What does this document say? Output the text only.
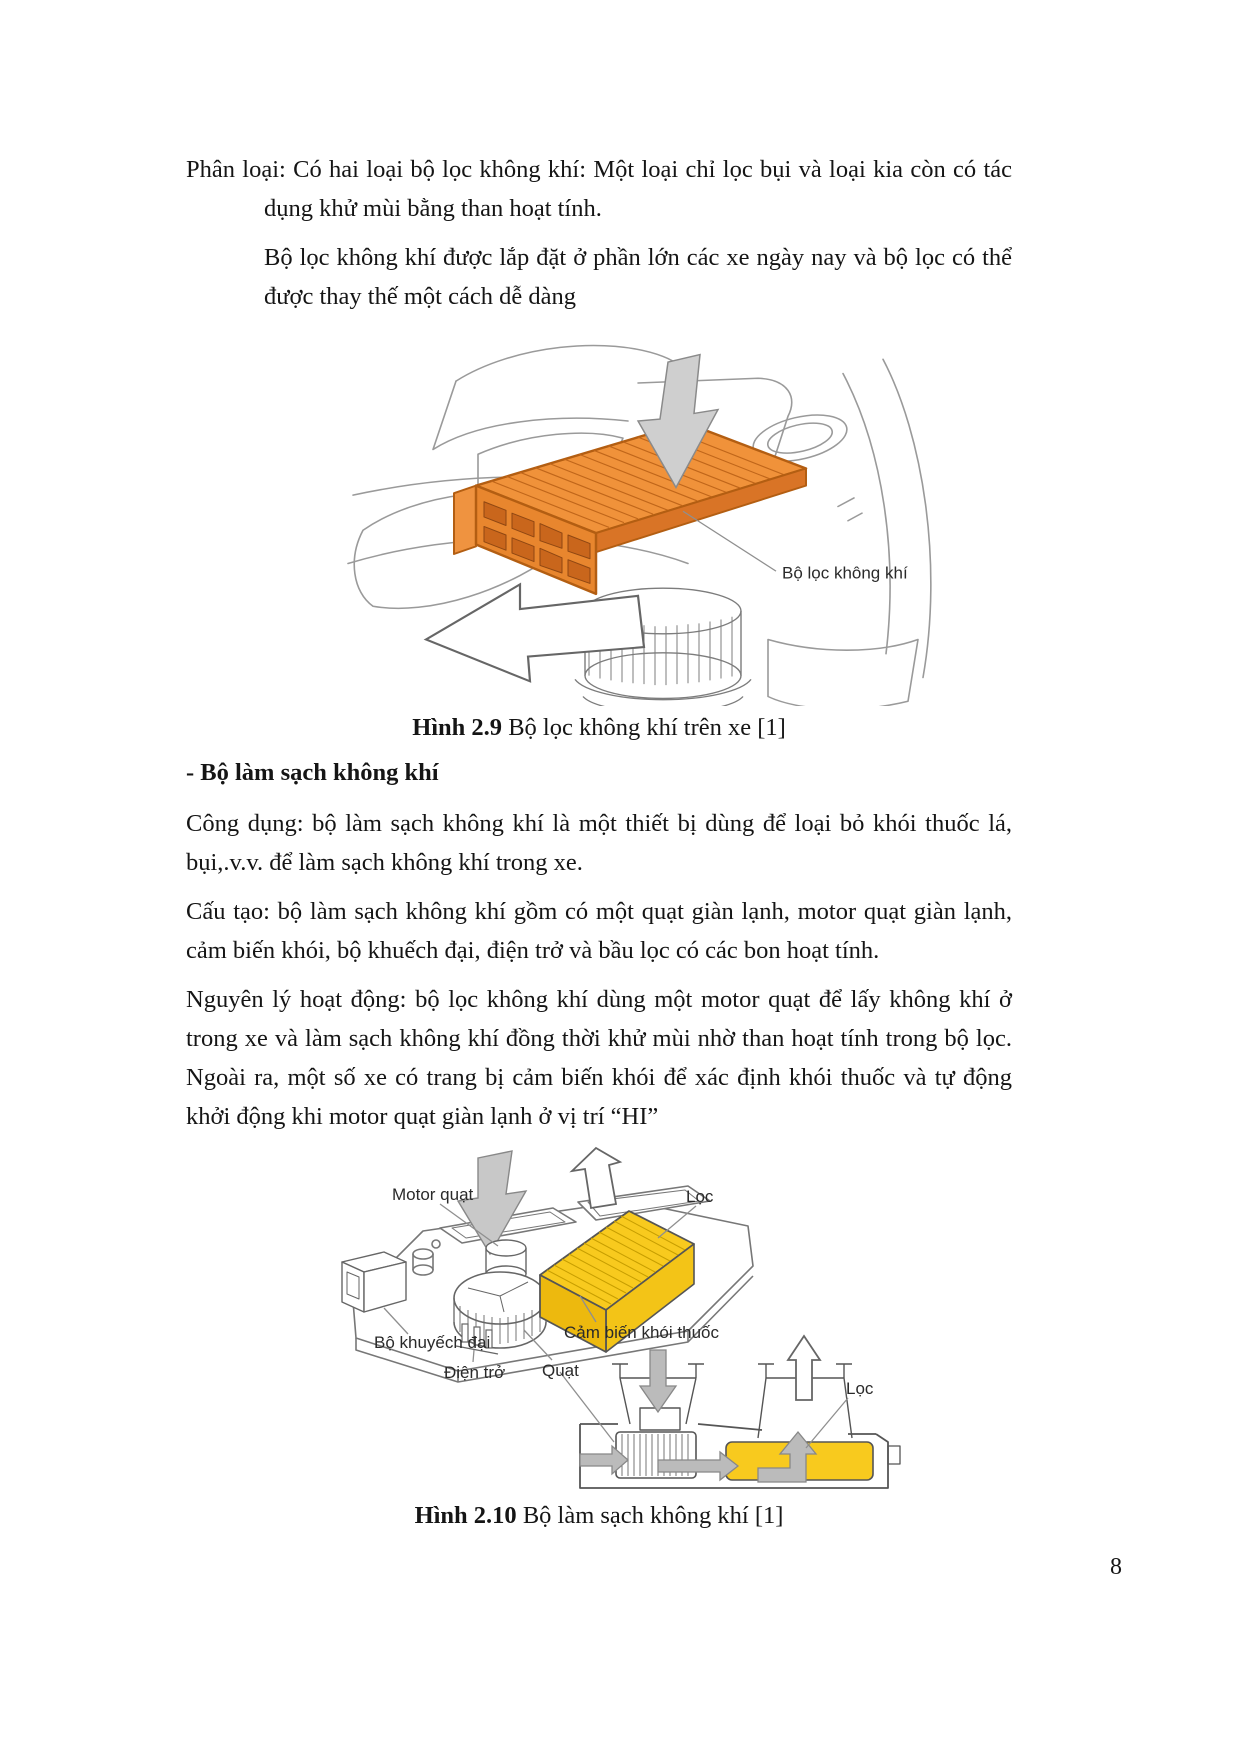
Phân loại: Có hai loại bộ lọc không khí: Một loại chỉ lọc bụi và loại kia còn có tác dụng khử mùi bằng than hoạt tính.

Bộ lọc không khí được lắp đặt ở phần lớn các xe ngày nay và bộ lọc có thể được thay thế một cách dễ dàng

Bộ lọc không khí

Hình 2.9 Bộ lọc không khí trên xe [1]

- Bộ làm sạch không khí

Công dụng: bộ làm sạch không khí là một thiết bị dùng để loại bỏ khói thuốc lá, bụi,.v.v. để làm sạch không khí trong xe.

Cấu tạo: bộ làm sạch không khí gồm có một quạt giàn lạnh, motor quạt giàn lạnh, cảm biến khói, bộ khuếch đại, điện trở và bầu lọc có các bon hoạt tính.

Nguyên lý hoạt động: bộ lọc không khí dùng một motor quạt để lấy không khí ở trong xe và làm sạch không khí đồng thời khử mùi nhờ than hoạt tính trong bộ lọc. Ngoài ra, một số xe có trang bị cảm biến khói để xác định khói thuốc và tự động khởi động khi motor quạt giàn lạnh ở vị trí “HI”

Motor quạt	Lọc
Bộ khuyếch đại
Cảm biến khói thuốc
Điện trở Quạt
Lọc

Hình 2.10 Bộ làm sạch không khí [1]

8
